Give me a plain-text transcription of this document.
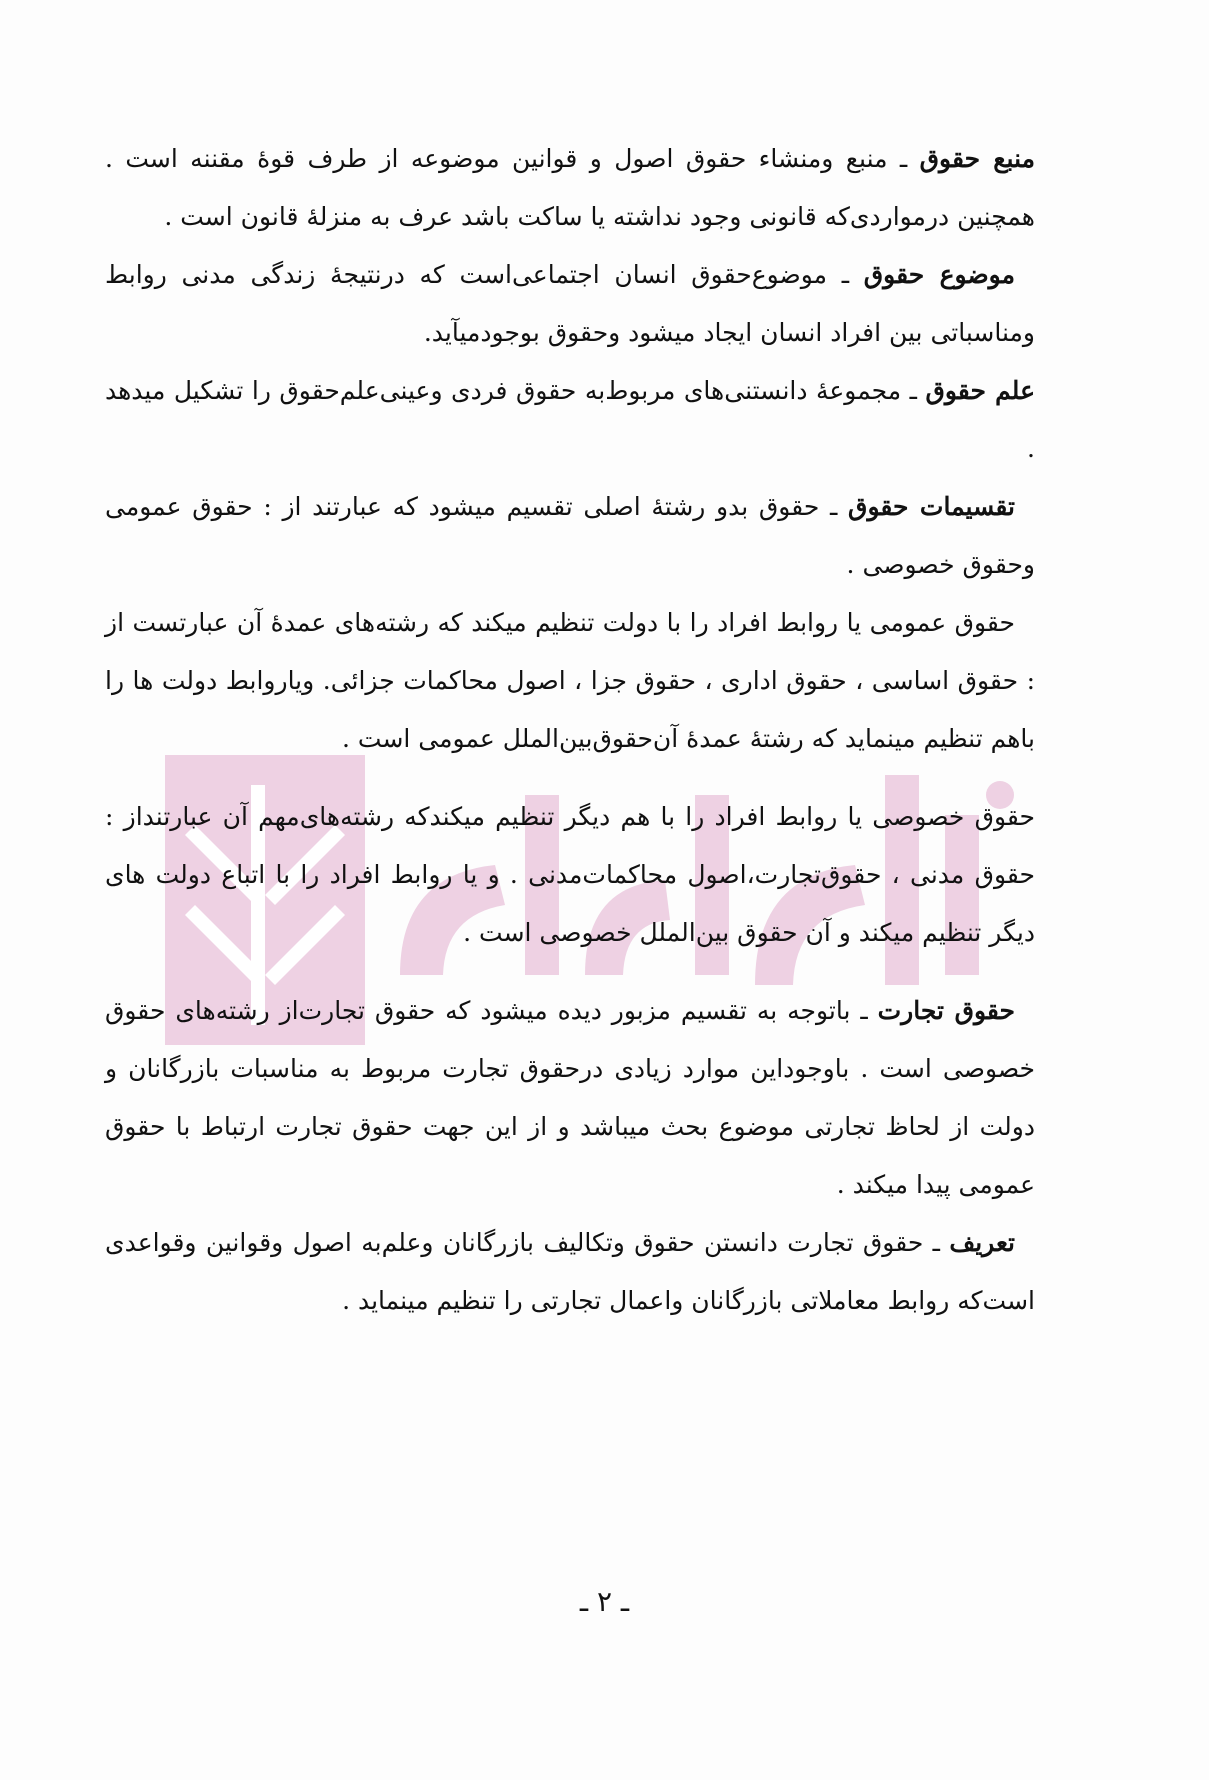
دادپارار

منبع حقوق ـ منبع ومنشاء حقوق اصول و قوانین موضوعه از طرف قوهٔ مقننه است . همچنین درمواردی‌که قانونی وجود نداشته یا ساکت باشد عرف به منزلهٔ قانون است .

موضوع حقوق ـ موضوع‌حقوق انسان اجتماعی‌است که درنتیجهٔ زندگی مدنی روابط ومناسباتی بین افراد انسان ایجاد میشود وحقوق بوجودمیآید.

علم حقوق ـ مجموعهٔ دانستنی‌های مربوط‌به حقوق فردی وعینی‌علم‌حقوق را تشکیل میدهد .

تقسیمات حقوق ـ حقوق بدو رشتهٔ اصلی تقسیم میشود که عبارتند از : حقوق عمومی وحقوق خصوصی .

حقوق عمومی یا روابط افراد را با دولت تنظیم میکند که رشته‌های عمدهٔ آن عبارتست از : حقوق اساسی ، حقوق اداری ، حقوق جزا ، اصول محاکمات جزائی. ویاروابط دولت ها را باهم تنظیم مینماید که رشتهٔ عمدهٔ آن‌حقوق‌بین‌الملل عمومی است .

حقوق خصوصی یا روابط افراد را با هم دیگر تنظیم میکندکه رشته‌های‌مهم آن عبارتنداز : حقوق مدنی ، حقوق‌تجارت،اصول محاکمات‌مدنی . و یا روابط افراد را با اتباع دولت های دیگر تنظیم میکند و آن حقوق بین‌الملل خصوصی است .

حقوق تجارت ـ باتوجه به تقسیم مزبور دیده میشود که حقوق تجارت‌از رشته‌های حقوق خصوصی است . باوجوداین موارد زیادی درحقوق تجارت مربوط به مناسبات بازرگانان و دولت از لحاظ تجارتی موضوع بحث میباشد و از این جهت حقوق تجارت ارتباط با حقوق عمومی پیدا میکند .

تعریف ـ حقوق تجارت دانستن حقوق وتکالیف بازرگانان وعلم‌به اصول وقوانین وقواعدی است‌که روابط معاملاتی بازرگانان واعمال تجارتی را تنظیم مینماید .

ـ ۲ ـ
